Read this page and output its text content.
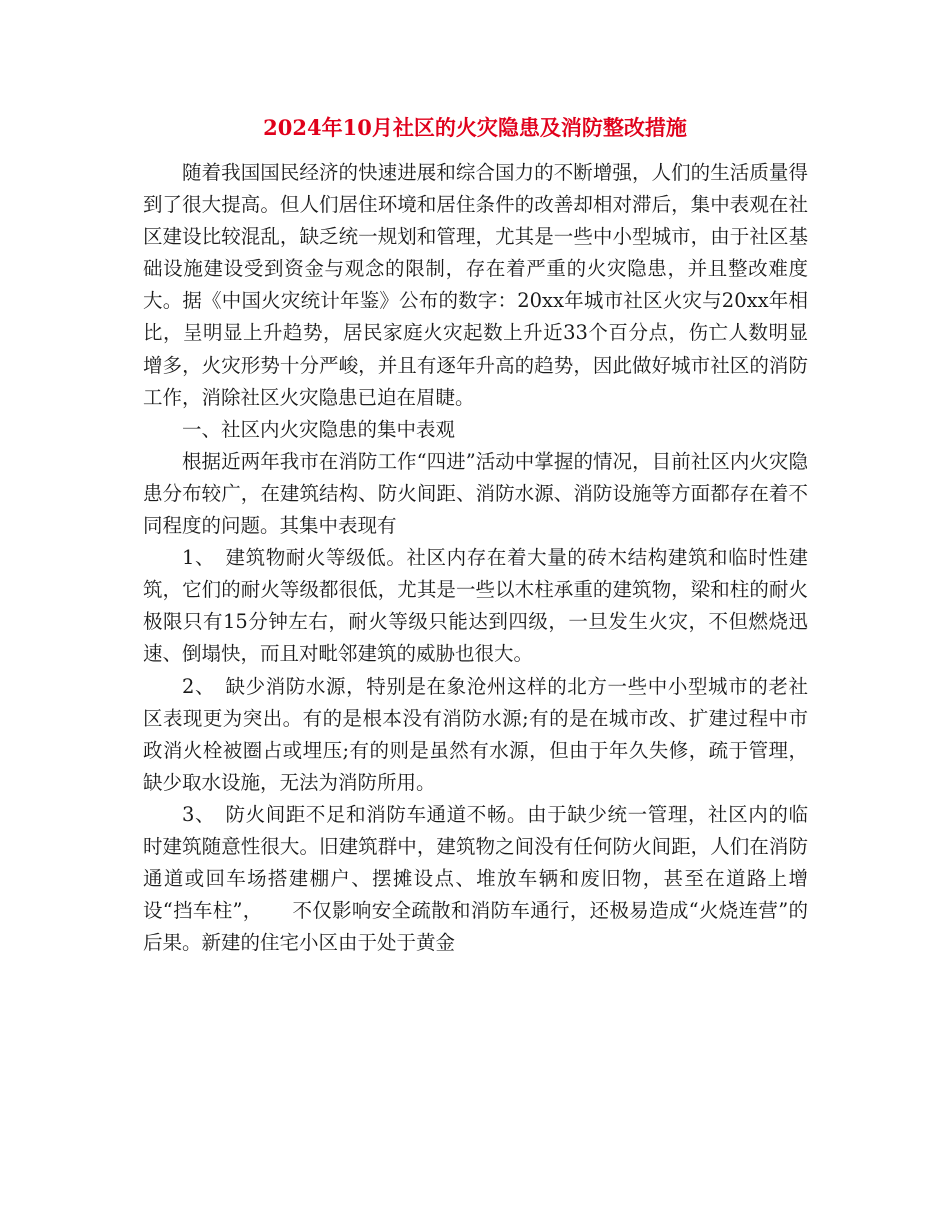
2024年10月社区的火灾隐患及消防整改措施

随着我国国民经济的快速进展和综合国力的不断增强，人们的生活质量得到了很大提高。但人们居住环境和居住条件的改善却相对滞后，集中表观在社区建设比较混乱，缺乏统一规划和管理，尤其是一些中小型城市，由于社区基础设施建设受到资金与观念的限制，存在着严重的火灾隐患，并且整改难度大。据《中国火灾统计年鉴》公布的数字：20xx年城市社区火灾与20xx年相比，呈明显上升趋势，居民家庭火灾起数上升近33个百分点，伤亡人数明显增多，火灾形势十分严峻，并且有逐年升高的趋势，因此做好城市社区的消防工作，消除社区火灾隐患已迫在眉睫。

一、社区内火灾隐患的集中表观

根据近两年我市在消防工作“四进”活动中掌握的情况，目前社区内火灾隐患分布较广，在建筑结构、防火间距、消防水源、消防设施等方面都存在着不同程度的问题。其集中表现有

1、　建筑物耐火等级低。社区内存在着大量的砖木结构建筑和临时性建筑，它们的耐火等级都很低，尤其是一些以木柱承重的建筑物，梁和柱的耐火极限只有15分钟左右，耐火等级只能达到四级，一旦发生火灾，不但燃烧迅速、倒塌快，而且对毗邻建筑的威胁也很大。

2、　缺少消防水源，特别是在象沧州这样的北方一些中小型城市的老社区表现更为突出。有的是根本没有消防水源;有的是在城市改、扩建过程中市政消火栓被圈占或埋压;有的则是虽然有水源，但由于年久失修，疏于管理，缺少取水设施，无法为消防所用。

3、　防火间距不足和消防车通道不畅。由于缺少统一管理，社区内的临时建筑随意性很大。旧建筑群中，建筑物之间没有任何防火间距，人们在消防通道或回车场搭建棚户、摆摊设点、堆放车辆和废旧物，甚至在道路上增设“挡车柱”，　　不仅影响安全疏散和消防车通行，还极易造成“火烧连营”的后果。新建的住宅小区由于处于黄金
